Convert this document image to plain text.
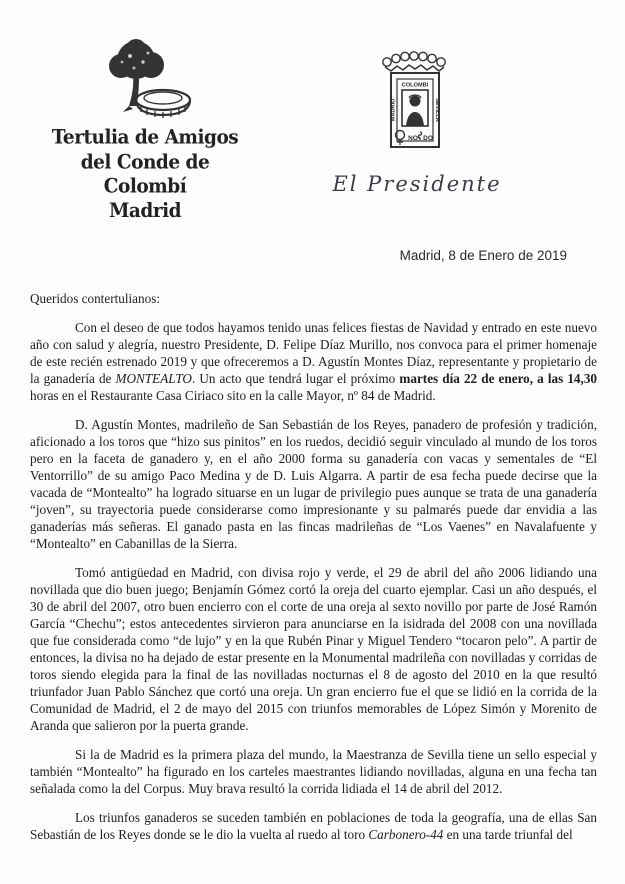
Tertulia de Amigos
del Conde de Colombí
Madrid
COLOMBI
MADRID	SEVILLA
NO DO
El Presidente
Madrid, 8 de Enero de 2019
Queridos contertulianos:

Con el deseo de que todos hayamos tenido unas felices fiestas de Navidad y entrado en este nuevo año con salud y alegría, nuestro Presidente, D. Felipe Díaz Murillo, nos convoca para el primer homenaje de este recién estrenado 2019 y que ofreceremos a D. Agustín Montes Díaz, representante y propietario de la ganadería de MONTEALTO. Un acto que tendrá lugar el próximo martes día 22 de enero, a las 14,30 horas en el Restaurante Casa Ciriaco sito en la calle Mayor, nº 84 de Madrid.

D. Agustín Montes, madrileño de San Sebastián de los Reyes, panadero de profesión y tradición, aficionado a los toros que “hizo sus pinitos” en los ruedos, decidió seguir vinculado al mundo de los toros pero en la faceta de ganadero y, en el año 2000 forma su ganadería con vacas y sementales de “El Ventorrillo” de su amigo Paco Medina y de D. Luis Algarra. A partir de esa fecha puede decirse que la vacada de “Montealto” ha logrado situarse en un lugar de privilegio pues aunque se trata de una ganadería “joven”, su trayectoria puede considerarse como impresionante y su palmarés puede dar envidia a las ganaderías más señeras. El ganado pasta en las fincas madrileñas de “Los Vaenes” en Navalafuente y “Montealto” en Cabanillas de la Sierra.

Tomó antigüedad en Madrid, con divisa rojo y verde, el 29 de abril del año 2006 lidiando una novillada que dio buen juego; Benjamín Gómez cortó la oreja del cuarto ejemplar. Casi un año después, el 30 de abril del 2007, otro buen encierro con el corte de una oreja al sexto novillo por parte de José Ramón García “Chechu”; estos antecedentes sirvieron para anunciarse en la isidrada del 2008 con una novillada que fue considerada como “de lujo” y en la que Rubén Pinar y Miguel Tendero “tocaron pelo”. A partir de entonces, la divisa no ha dejado de estar presente en la Monumental madrileña con novilladas y corridas de toros siendo elegida para la final de las novilladas nocturnas el 8 de agosto del 2010 en la que resultó triunfador Juan Pablo Sánchez que cortó una oreja. Un gran encierro fue el que se lidió en la corrida de la Comunidad de Madrid, el 2 de mayo del 2015 con triunfos memorables de López Simón y Morenito de Aranda que salieron por la puerta grande.

Si la de Madrid es la primera plaza del mundo, la Maestranza de Sevilla tiene un sello especial y también “Montealto” ha figurado en los carteles maestrantes lidiando novilladas, alguna en una fecha tan señalada como la del Corpus. Muy brava resultó la corrida lidiada el 14 de abril del 2012.

Los triunfos ganaderos se suceden también en poblaciones de toda la geografía, una de ellas San Sebastián de los Reyes donde se le dio la vuelta al ruedo al toro Carbonero-44 en una tarde triunfal del
